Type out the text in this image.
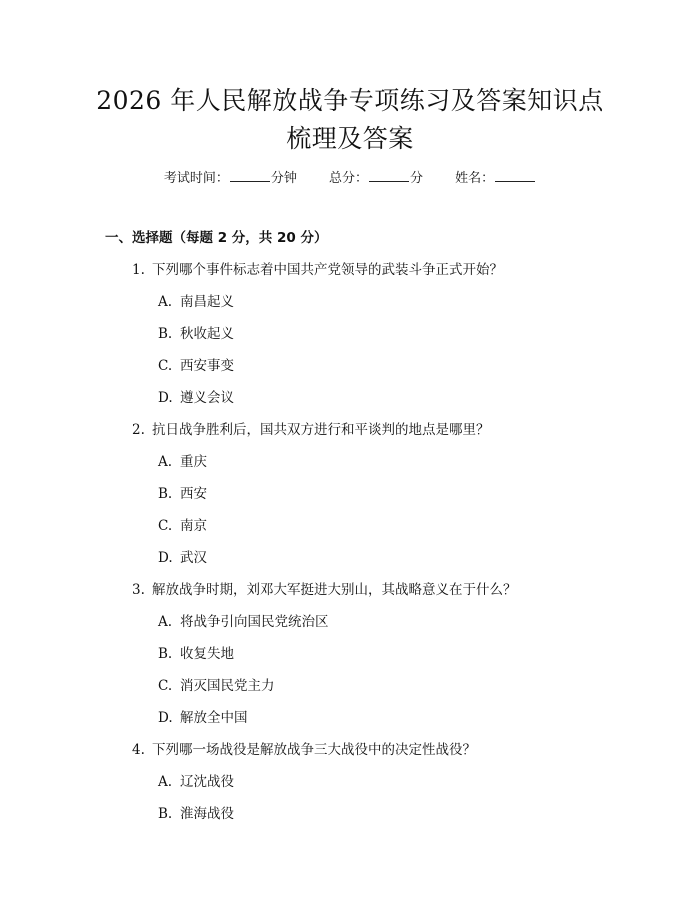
2026 年人民解放战争专项练习及答案知识点
梳理及答案
考试时间：	分钟 总分：	分 姓名：
一、选择题（每题 2 分，共 20 分）
1. 下列哪个事件标志着中国共产党领导的武装斗争正式开始？
A. 南昌起义
B. 秋收起义
C. 西安事变
D. 遵义会议
2. 抗日战争胜利后，国共双方进行和平谈判的地点是哪里？
A. 重庆
B. 西安
C. 南京
D. 武汉
3. 解放战争时期，刘邓大军挺进大别山，其战略意义在于什么？
A. 将战争引向国民党统治区
B. 收复失地
C. 消灭国民党主力
D. 解放全中国
4. 下列哪一场战役是解放战争三大战役中的决定性战役？
A. 辽沈战役
B. 淮海战役
